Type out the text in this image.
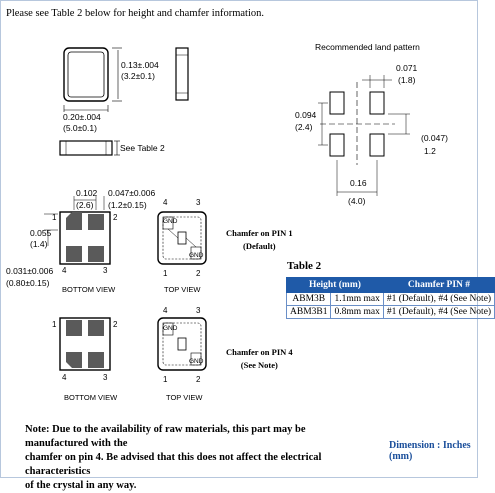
Please see Table 2 below for height and chamfer information.
0.13±.004
(3.2±0.1)
0.20±.004
(5.0±0.1)
See Table 2
0.102
(2.6)
0.047±0.006
(1.2±0.15)
0.055
(1.4)
0.031±0.006
(0.80±0.15)
1	2
3
4
BOTTOM VIEW
GND
GND
4	3
1	2
TOP VIEW
1	2
4	3
BOTTOM VIEW
GND
GND
4	3
1	2
TOP VIEW
Recommended land pattern
0.071
(1.8)
0.094
(2.4)
(0.047)
1.2
0.16
(4.0)
Chamfer on PIN 1
(Default)
Chamfer on PIN 4
(See Note)
Table 2
Height (mm)		Chamfer PIN #
ABM3B	1.1mm max	#1 (Default), #4 (See Note)
ABM3B1	0.8mm max	#1 (Default), #4 (See Note)
Note: Due to the availability of raw materials, this part may be manufactured with the
chamfer on pin 4. Be advised that this does not affect the electrical characteristics
of the crystal in any way.
Dimension : Inches (mm)
